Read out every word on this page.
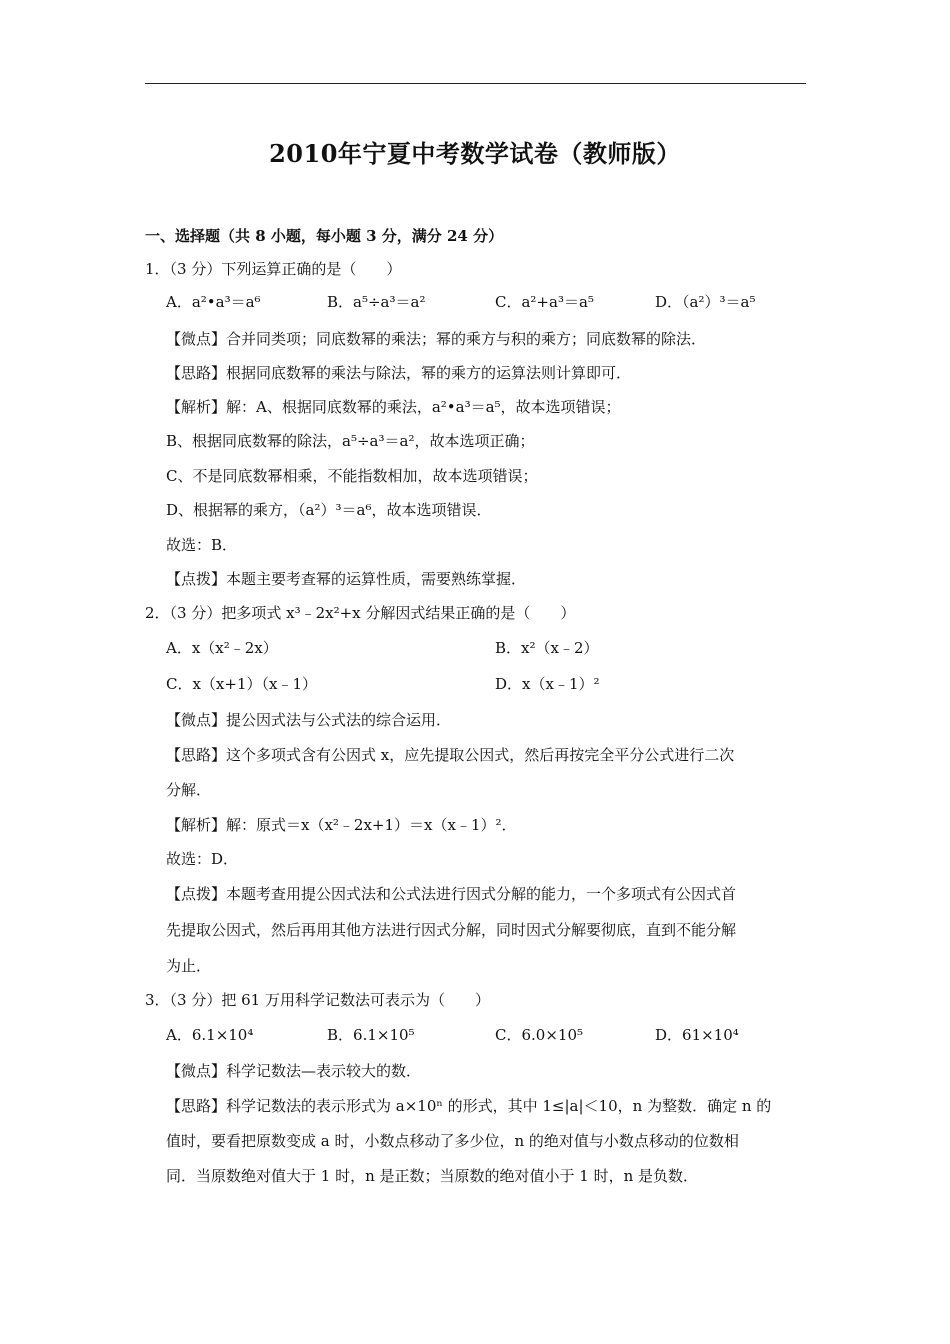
2010年宁夏中考数学试卷（教师版）
一、选择题（共 8 小题，每小题 3 分，满分 24 分）
1．（3 分）下列运算正确的是（　　）
A．a²•a³＝a⁶	B．a⁵÷a³＝a²	C．a²+a³＝a⁵	D．（a²）³＝a⁵
【微点】合并同类项；同底数幂的乘法；幂的乘方与积的乘方；同底数幂的除法．
【思路】根据同底数幂的乘法与除法，幂的乘方的运算法则计算即可．
【解析】解：A、根据同底数幂的乘法，a²•a³＝a⁵，故本选项错误；
B、根据同底数幂的除法，a⁵÷a³＝a²，故本选项正确；
C、不是同底数幂相乘，不能指数相加，故本选项错误；
D、根据幂的乘方，（a²）³＝a⁶，故本选项错误．
故选：B．
【点拨】本题主要考查幂的运算性质，需要熟练掌握．
2．（3 分）把多项式 x³﹣2x²+x 分解因式结果正确的是（　　）
A．x（x²﹣2x）	B．x²（x﹣2）
C．x（x+1）（x﹣1）	D．x（x﹣1）²
【微点】提公因式法与公式法的综合运用．
【思路】这个多项式含有公因式 x，应先提取公因式，然后再按完全平分公式进行二次
分解．
【解析】解：原式＝x（x²﹣2x+1）＝x（x﹣1）²．
故选：D．
【点拨】本题考查用提公因式法和公式法进行因式分解的能力，一个多项式有公因式首
先提取公因式，然后再用其他方法进行因式分解，同时因式分解要彻底，直到不能分解
为止．
3．（3 分）把 61 万用科学记数法可表示为（　　）
A．6.1×10⁴	B．6.1×10⁵	C．6.0×10⁵	D．61×10⁴
【微点】科学记数法—表示较大的数．
【思路】科学记数法的表示形式为 a×10ⁿ 的形式，其中 1≤|a|＜10，n 为整数．确定 n 的
值时，要看把原数变成 a 时，小数点移动了多少位，n 的绝对值与小数点移动的位数相
同．当原数绝对值大于 1 时，n 是正数；当原数的绝对值小于 1 时，n 是负数．
